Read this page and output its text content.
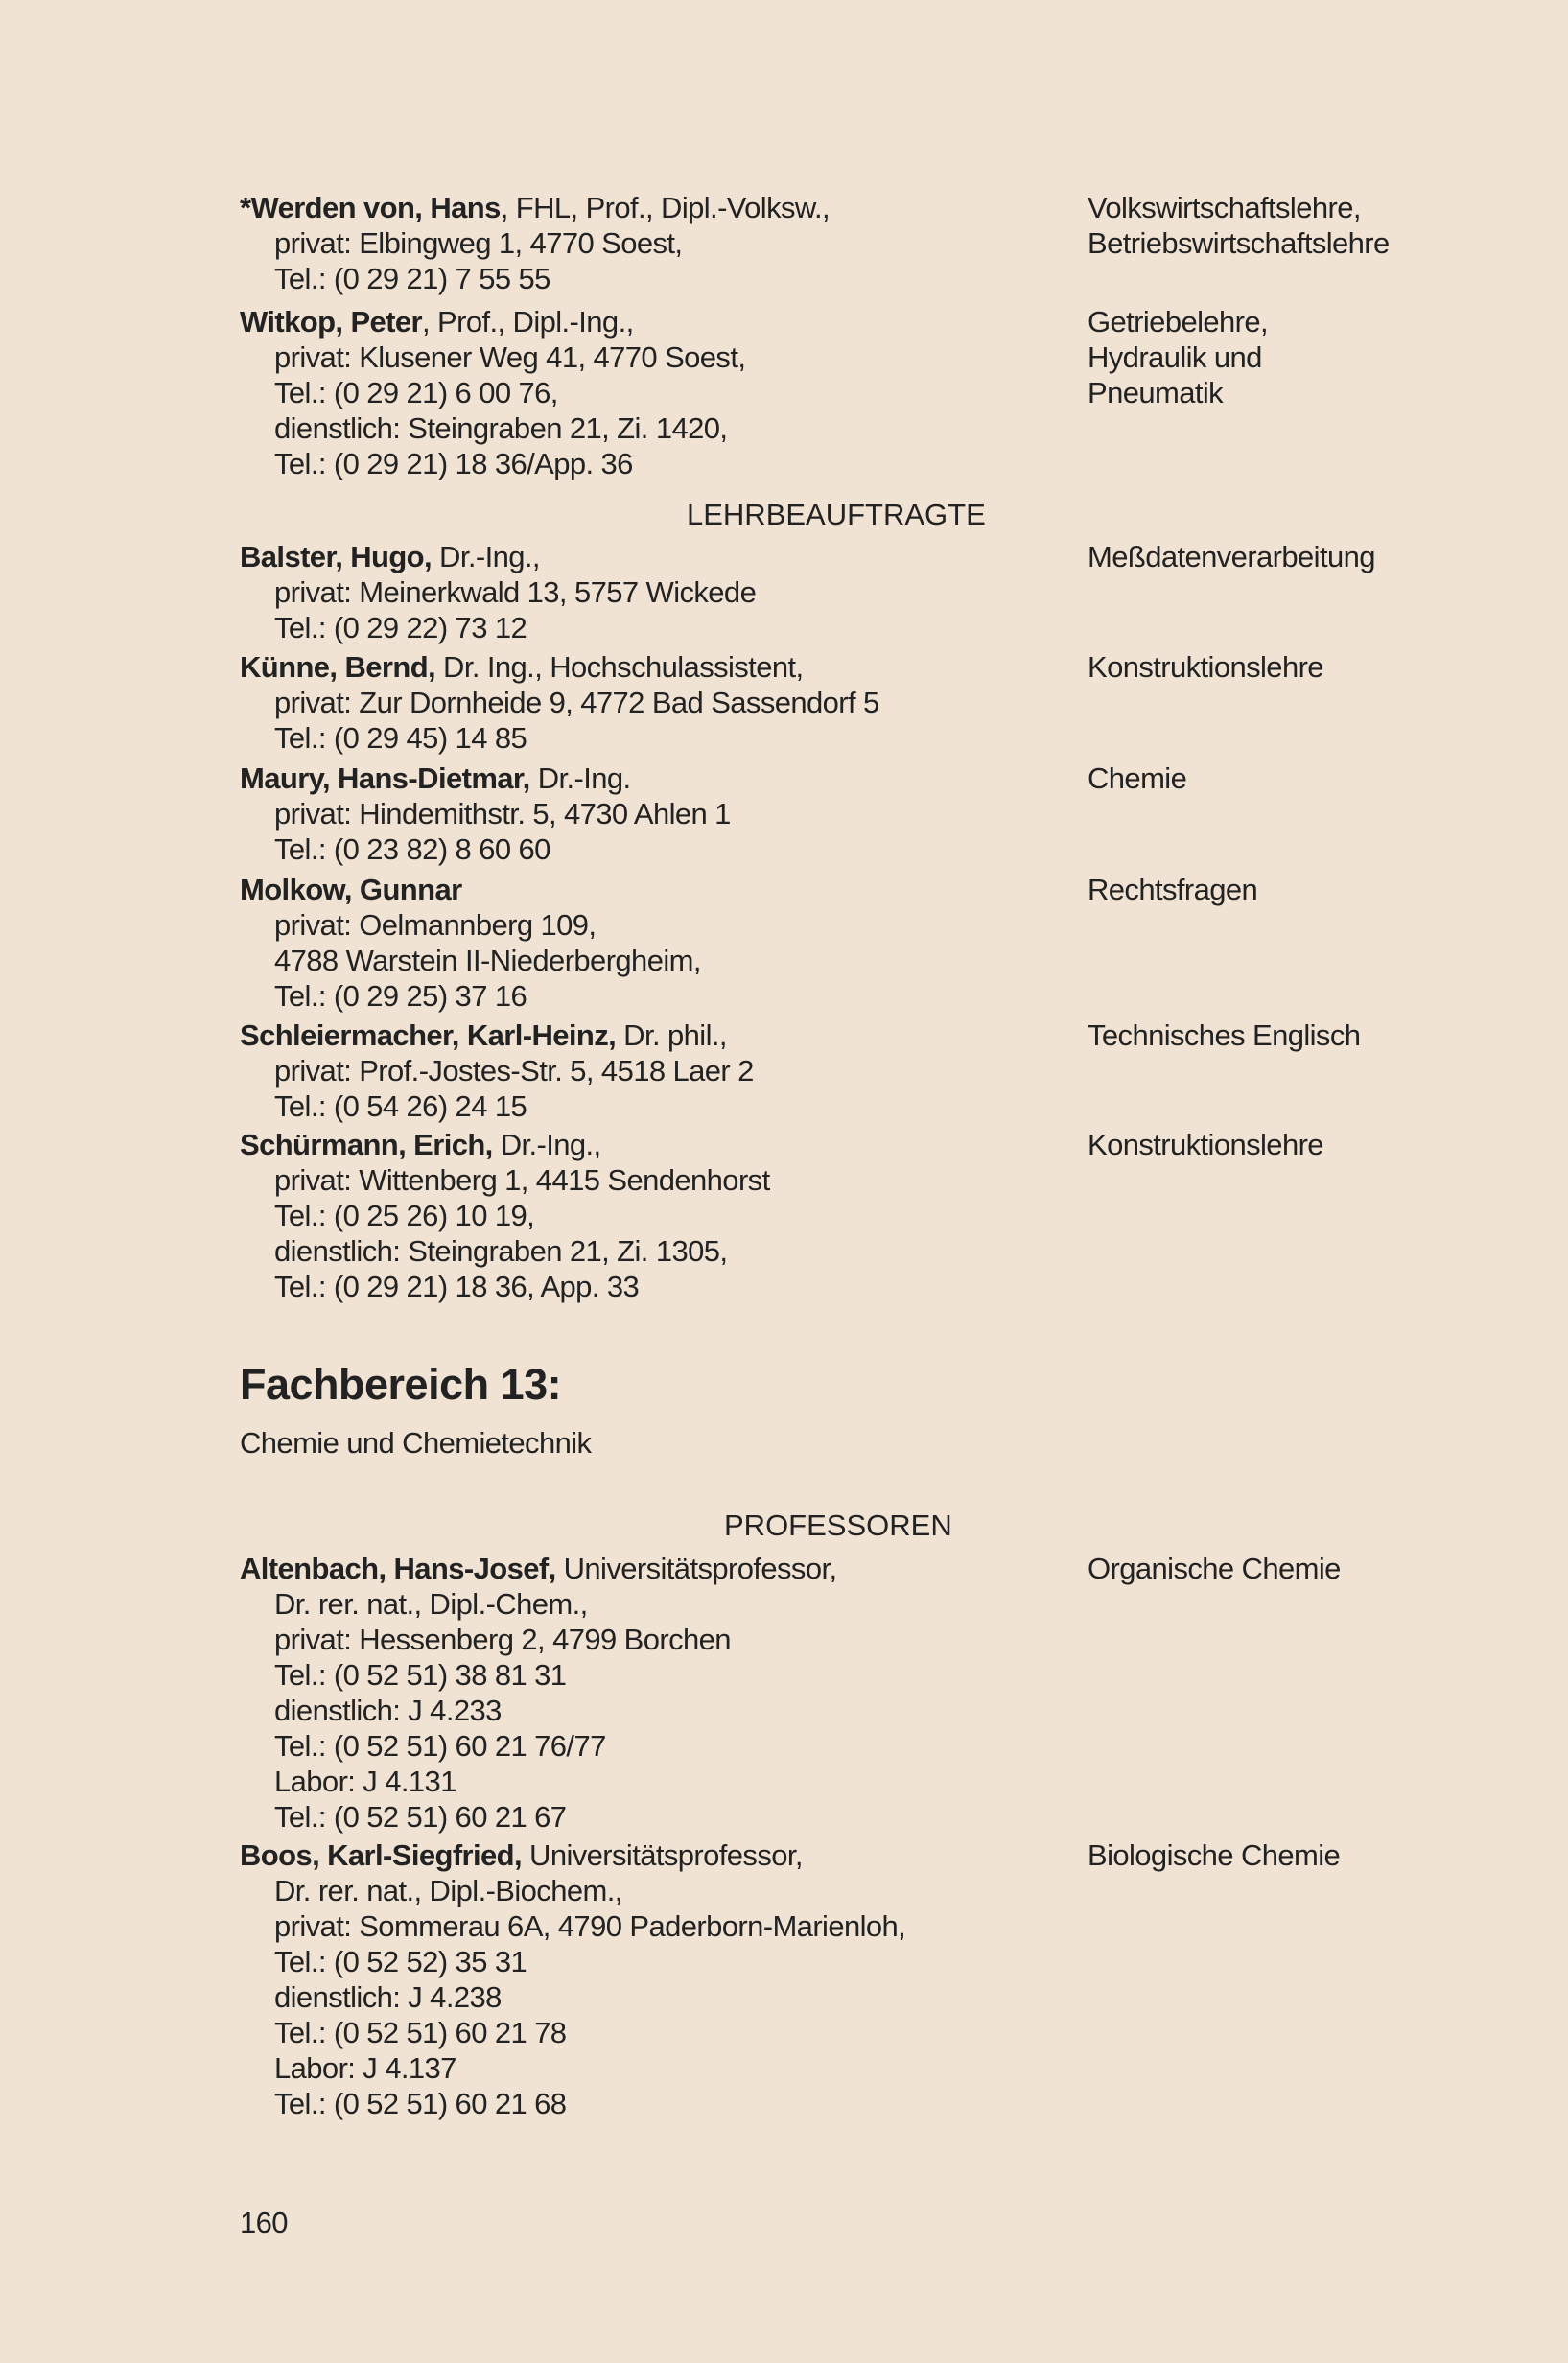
*Werden von, Hans, FHL, Prof., Dipl.-Volksw.,
privat: Elbingweg 1, 4770 Soest,
Tel.: (0 29 21) 7 55 55
Volkswirtschaftslehre,
Betriebswirtschaftslehre
Witkop, Peter, Prof., Dipl.-Ing.,
privat: Klusener Weg 41, 4770 Soest,
Tel.: (0 29 21) 6 00 76,
dienstlich: Steingraben 21, Zi. 1420,
Tel.: (0 29 21) 18 36/App. 36
Getriebelehre,
Hydraulik und
Pneumatik
LEHRBEAUFTRAGTE
Balster, Hugo, Dr.-Ing.,
privat: Meinerkwald 13, 5757 Wickede
Tel.: (0 29 22) 73 12
Meßdatenverarbeitung
Künne, Bernd, Dr. Ing., Hochschulassistent,
privat: Zur Dornheide 9, 4772 Bad Sassendorf 5
Tel.: (0 29 45) 14 85
Konstruktionslehre
Maury, Hans-Dietmar, Dr.-Ing.
privat: Hindemithstr. 5, 4730 Ahlen 1
Tel.: (0 23 82) 8 60 60
Chemie
Molkow, Gunnar
privat: Oelmannberg 109,
4788 Warstein II-Niederbergheim,
Tel.: (0 29 25) 37 16
Rechtsfragen
Schleiermacher, Karl-Heinz, Dr. phil.,
privat: Prof.-Jostes-Str. 5, 4518 Laer 2
Tel.: (0 54 26) 24 15
Technisches Englisch
Schürmann, Erich, Dr.-Ing.,
privat: Wittenberg 1, 4415 Sendenhorst
Tel.: (0 25 26) 10 19,
dienstlich: Steingraben 21, Zi. 1305,
Tel.: (0 29 21) 18 36, App. 33
Konstruktionslehre
Fachbereich 13:
Chemie und Chemietechnik
PROFESSOREN
Altenbach, Hans-Josef, Universitätsprofessor,
Dr. rer. nat., Dipl.-Chem.,
privat: Hessenberg 2, 4799 Borchen
Tel.: (0 52 51) 38 81 31
dienstlich: J 4.233
Tel.: (0 52 51) 60 21 76/77
Labor: J 4.131
Tel.: (0 52 51) 60 21 67
Organische Chemie
Boos, Karl-Siegfried, Universitätsprofessor,
Dr. rer. nat., Dipl.-Biochem.,
privat: Sommerau 6A, 4790 Paderborn-Marienloh,
Tel.: (0 52 52) 35 31
dienstlich: J 4.238
Tel.: (0 52 51) 60 21 78
Labor: J 4.137
Tel.: (0 52 51) 60 21 68
Biologische Chemie
160
